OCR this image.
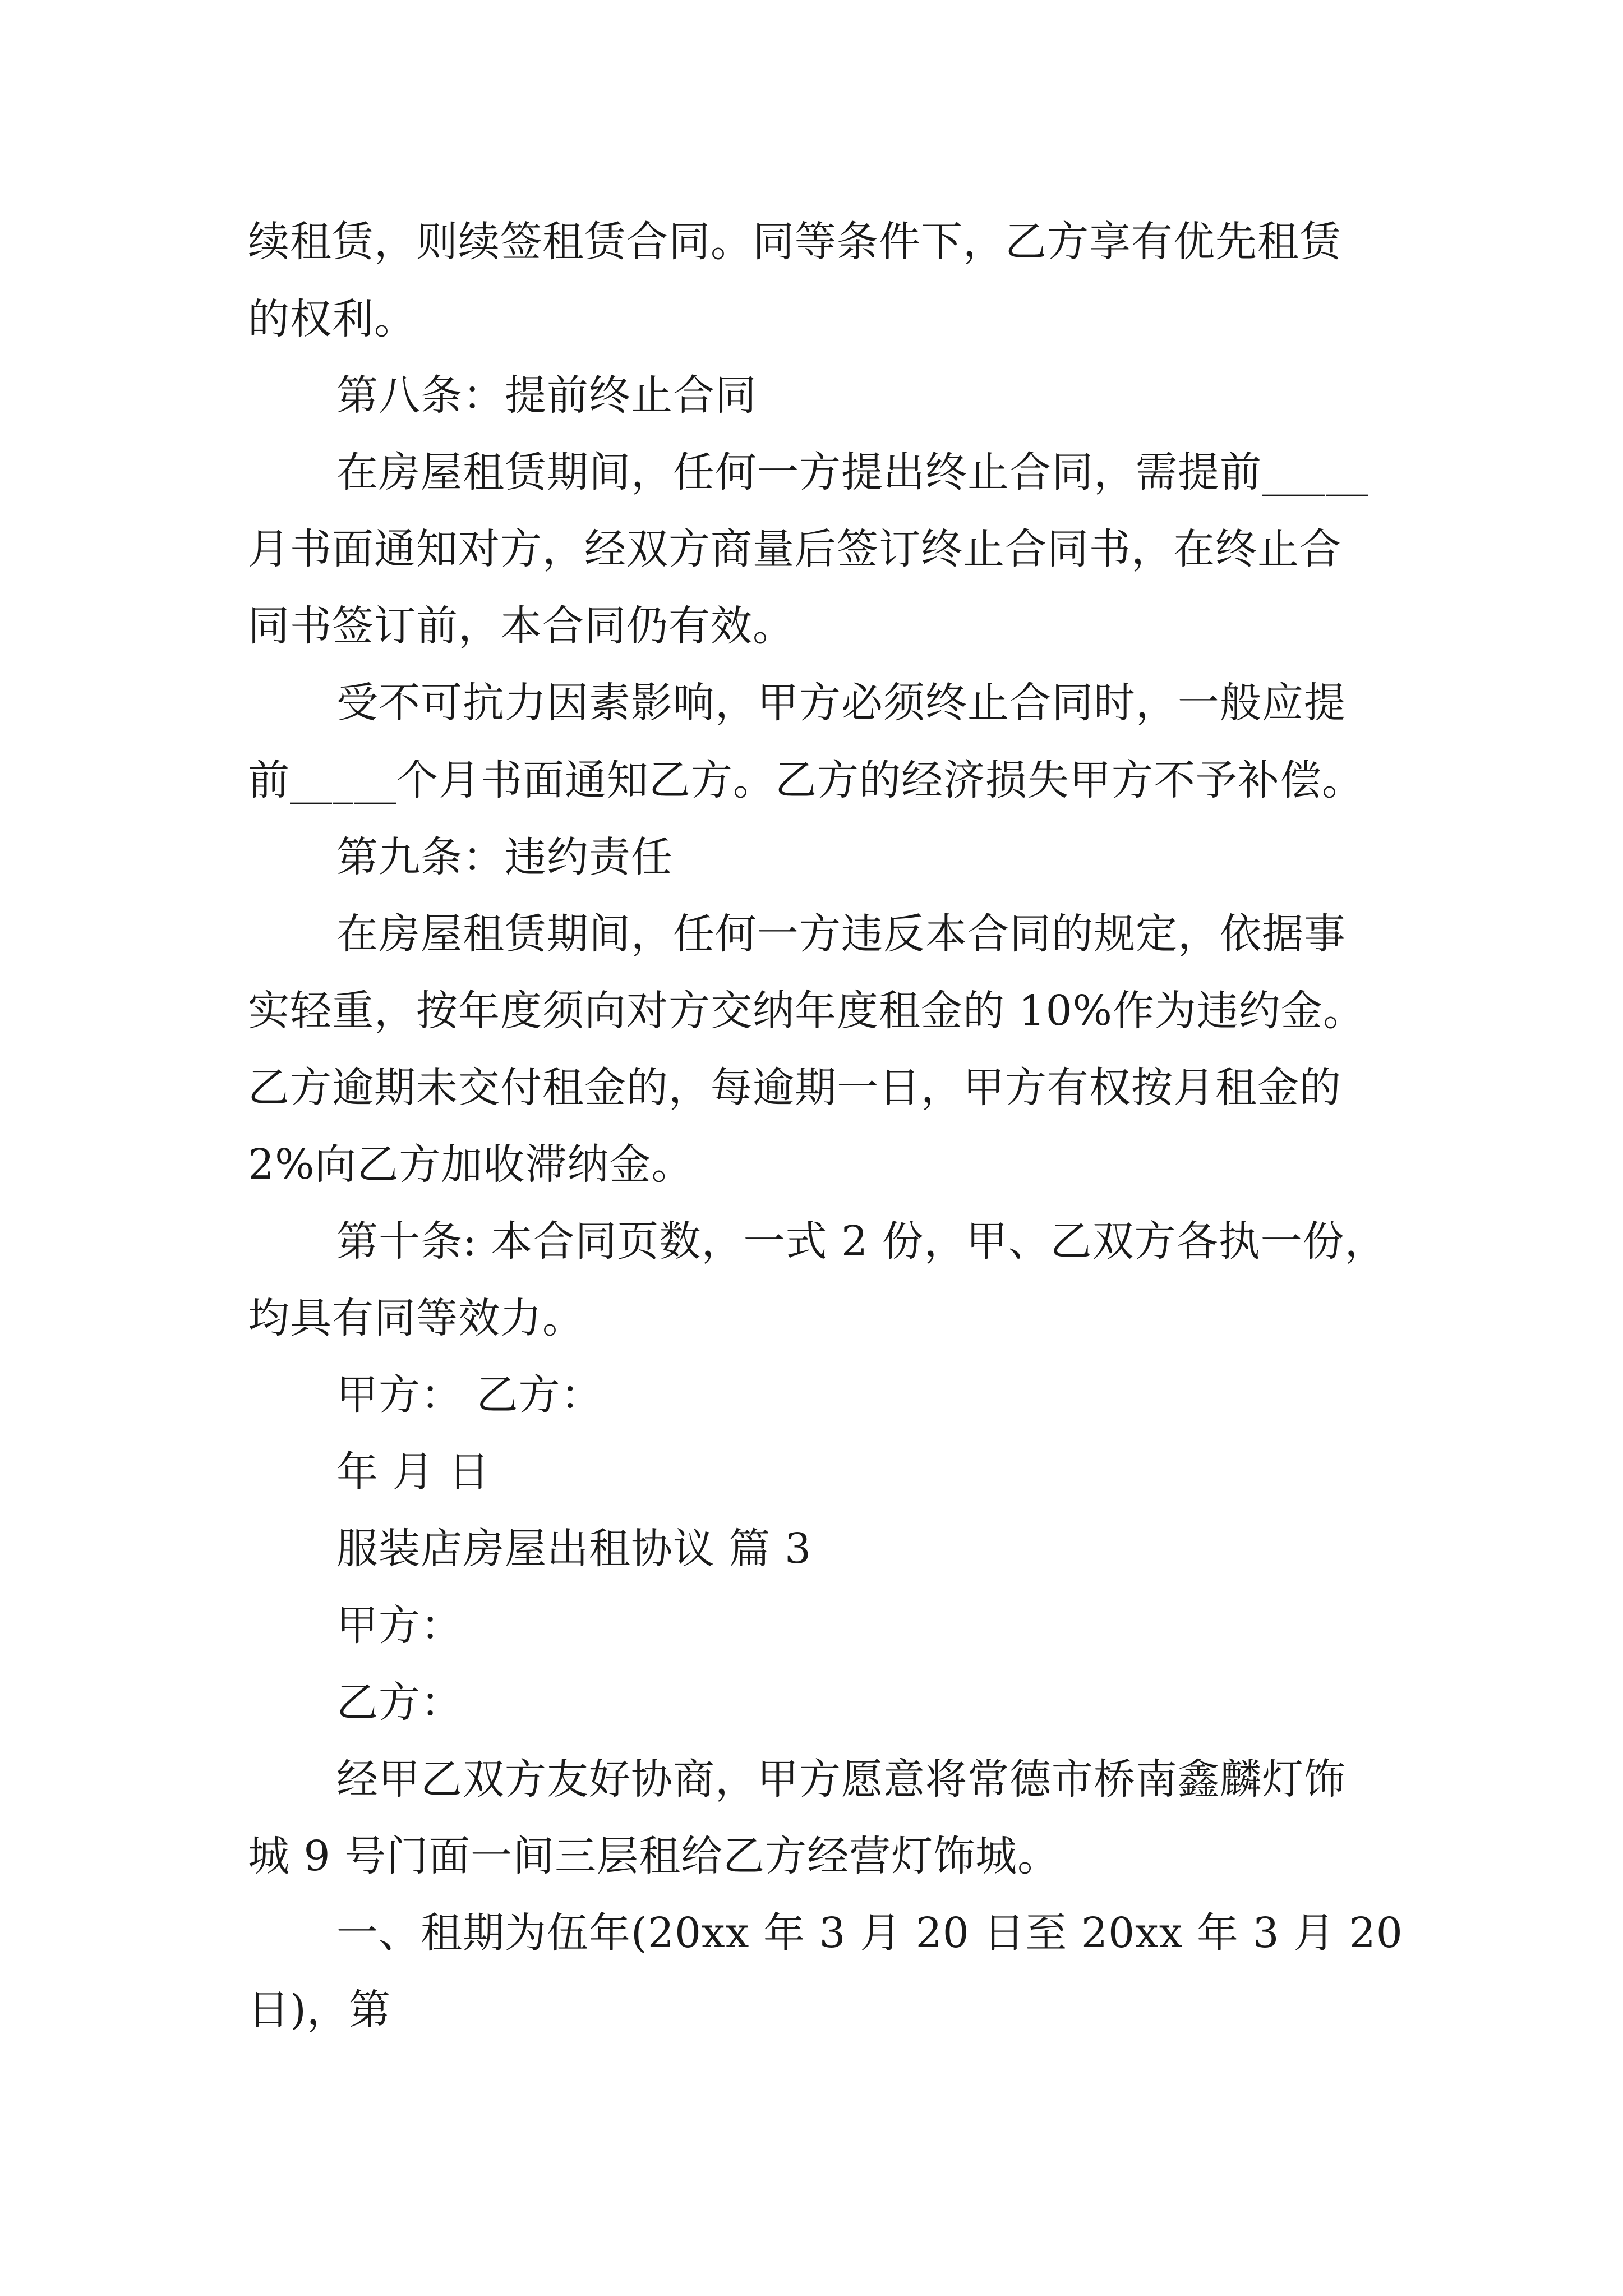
续租赁，则续签租赁合同。同等条件下，乙方享有优先租赁
的权利。
第八条：提前终止合同
在房屋租赁期间，任何一方提出终止合同，需提前_____
月书面通知对方，经双方商量后签订终止合同书，在终止合
同书签订前，本合同仍有效。
受不可抗力因素影响，甲方必须终止合同时，一般应提
前_____个月书面通知乙方。乙方的经济损失甲方不予补偿。
第九条：违约责任
在房屋租赁期间，任何一方违反本合同的规定，依据事
实轻重，按年度须向对方交纳年度租金的 10%作为违约金。
乙方逾期未交付租金的，每逾期一日，甲方有权按月租金的
2%向乙方加收滞纳金。
第十条: 本合同页数，一式 2 份，甲、乙双方各执一份，
均具有同等效力。
甲方： 乙方：
年 月 日
服装店房屋出租协议 篇 3
甲方：
乙方：
经甲乙双方友好协商，甲方愿意将常德市桥南鑫麟灯饰
城 9 号门面一间三层租给乙方经营灯饰城。
一、租期为伍年(20xx 年 3 月 20 日至 20xx 年 3 月 20
日)，第
